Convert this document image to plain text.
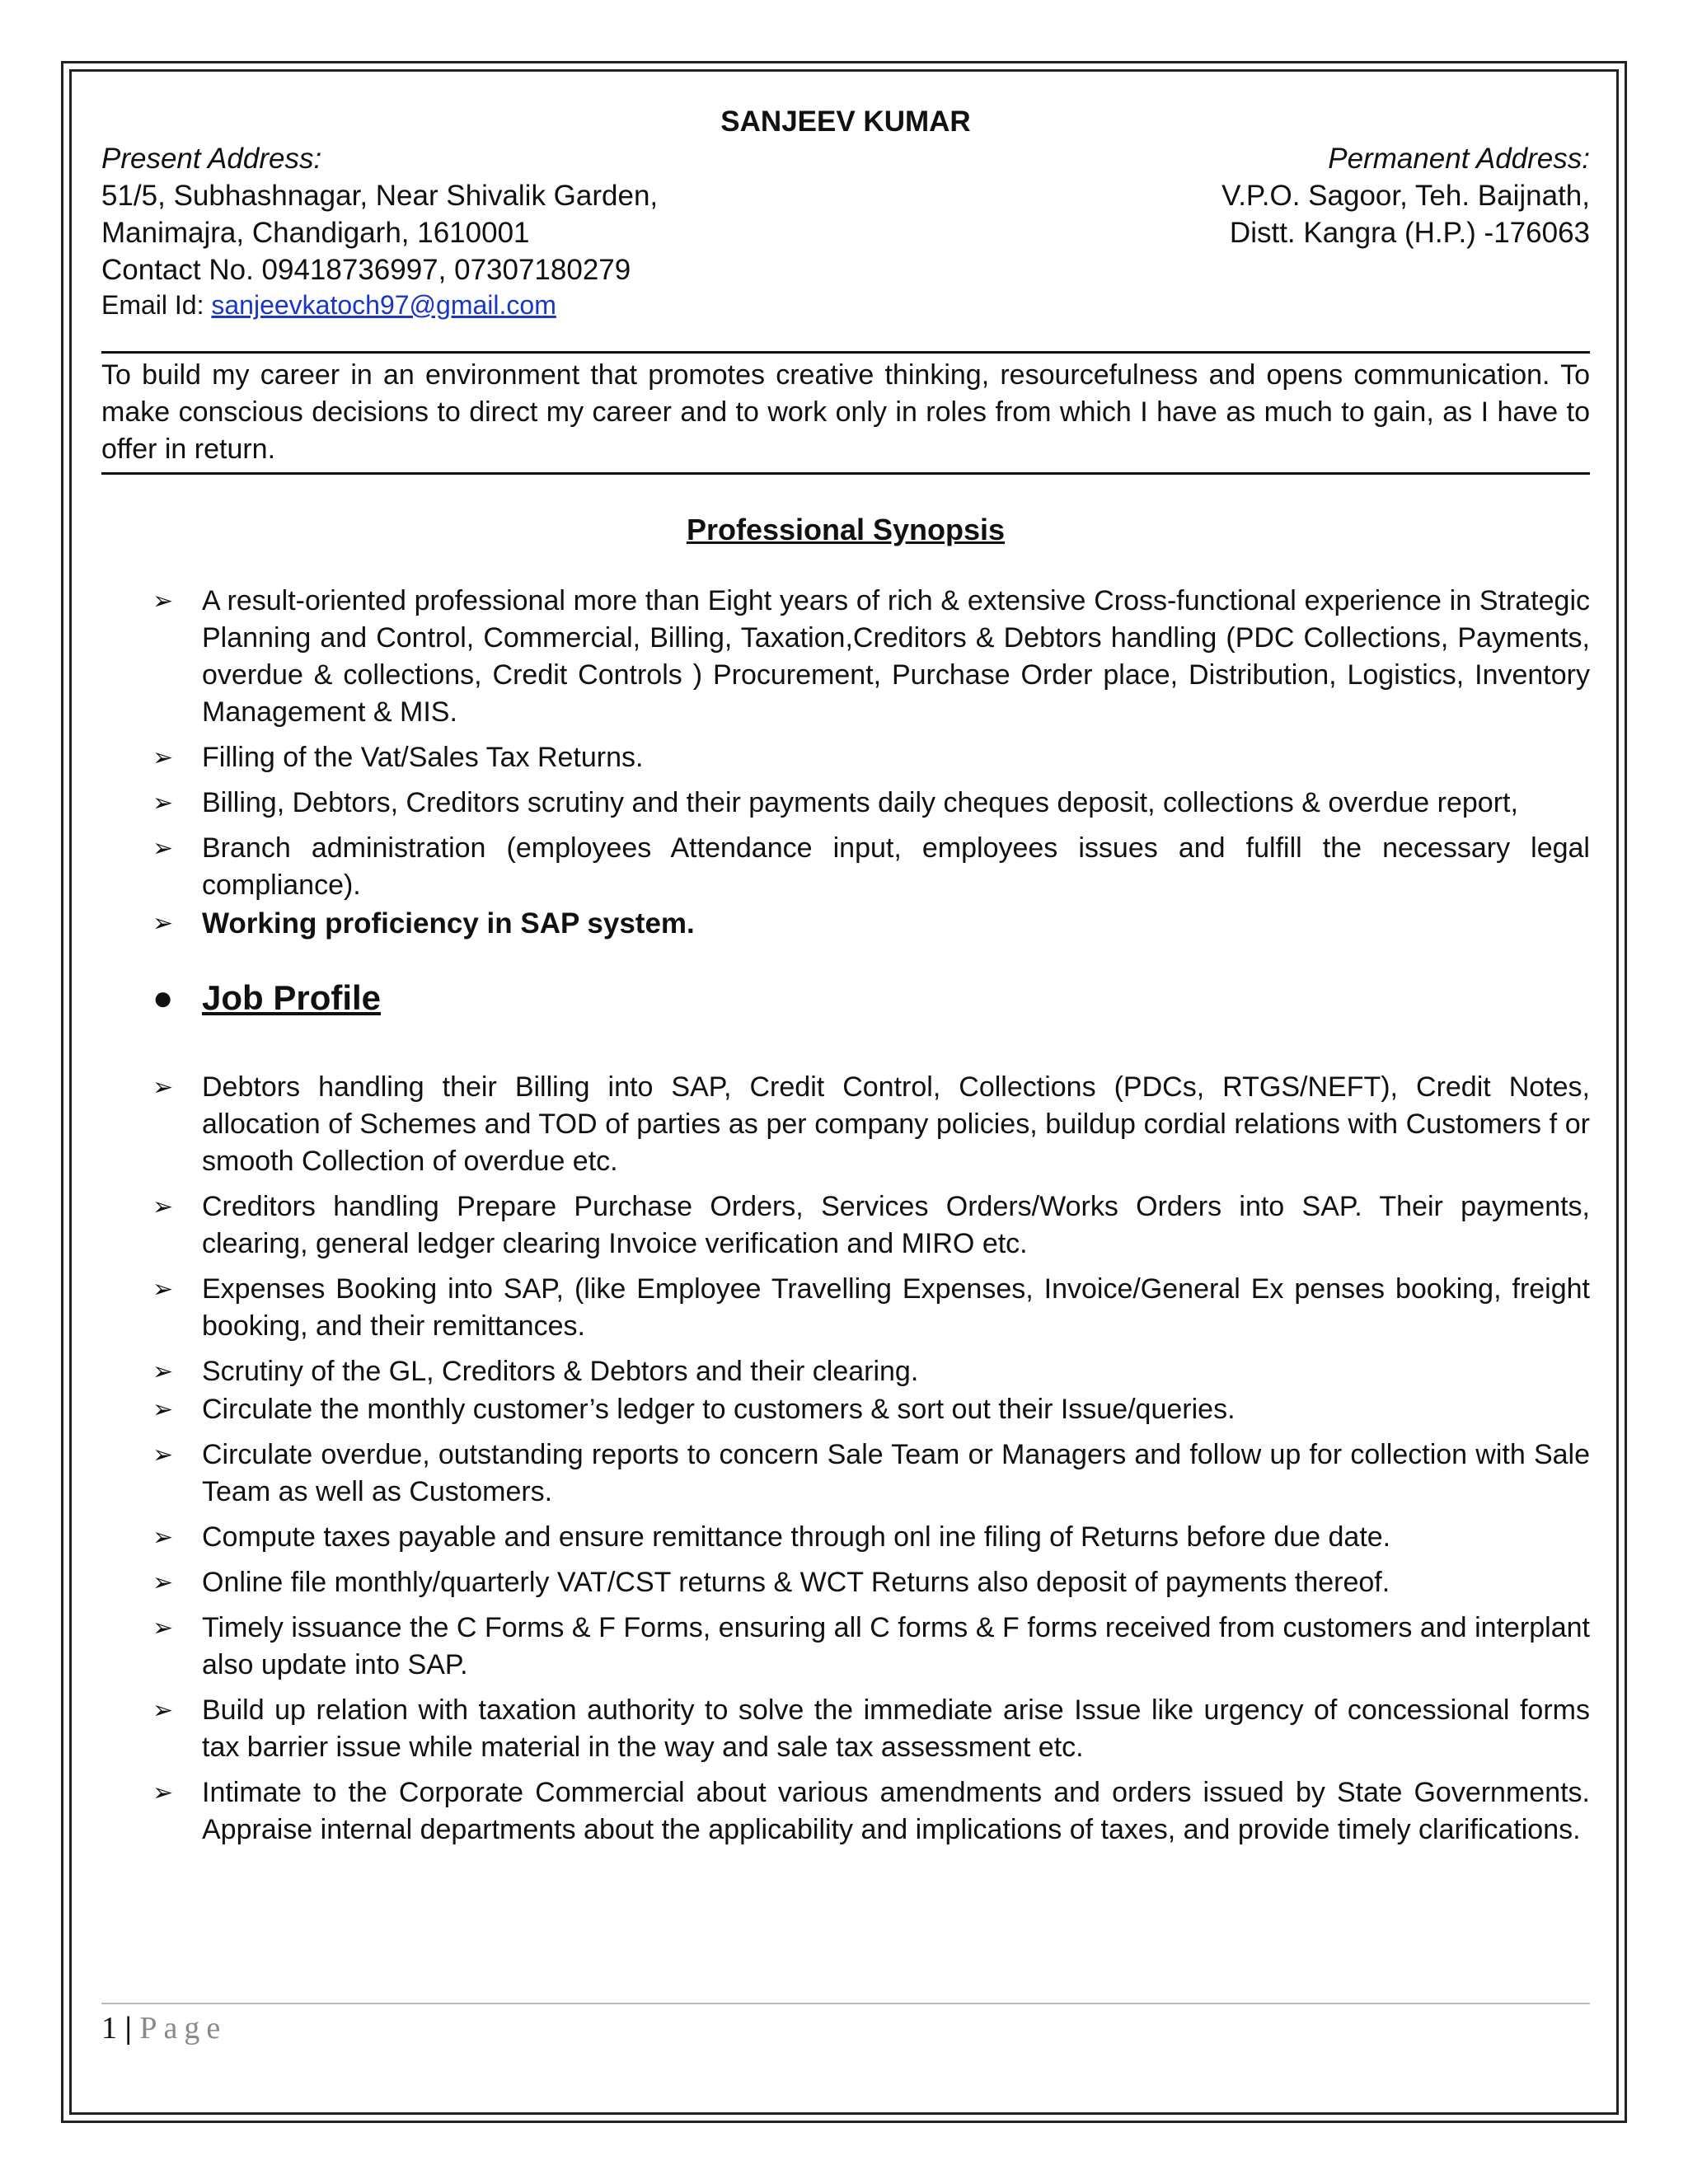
SANJEEV KUMAR

Present Address:
51/5, Subhashnagar, Near Shivalik Garden,
Manimajra, Chandigarh, 1610001
Contact No. 09418736997, 07307180279
Email Id: sanjeevkatoch97@gmail.com
Permanent Address:
V.P.O. Sagoor, Teh. Baijnath,
Distt. Kangra (H.P.) -176063
To build my career in an environment that promotes creative thinking, resourcefulness and opens communication. To make conscious decisions to direct my career and to work only in roles from which I have as much to gain, as I have to offer in return.
Professional Synopsis
➢ A result-oriented professional more than Eight years of rich & extensive Cross-functional experience in Strategic Planning and Control, Commercial, Billing, Taxation,Creditors & Debtors handling (PDC Collections, Payments, overdue & collections, Credit Controls ) Procurement, Purchase Order place, Distribution, Logistics, Inventory Management & MIS.
➢ Filling of the Vat/Sales Tax Returns.
➢ Billing, Debtors, Creditors scrutiny and their payments daily cheques deposit, collections & overdue report,
➢ Branch administration (employees Attendance input, employees issues and fulfill the necessary legal compliance).
➢ Working proficiency in SAP system.
● Job Profile
➢ Debtors handling their Billing into SAP, Credit Control, Collections (PDCs, RTGS/NEFT), Credit Notes, allocation of Schemes and TOD of parties as per company policies, buildup cordial relations with Customers f or smooth Collection of overdue etc.
➢ Creditors handling Prepare Purchase Orders, Services Orders/Works Orders into SAP. Their payments, clearing, general ledger clearing Invoice verification and MIRO etc.
➢ Expenses Booking into SAP, (like Employee Travelling Expenses, Invoice/General Ex penses booking, freight booking, and their remittances.
➢ Scrutiny of the GL, Creditors & Debtors and their clearing.
➢ Circulate the monthly customer’s ledger to customers & sort out their Issue/queries.
➢ Circulate overdue, outstanding reports to concern Sale Team or Managers and follow up for collection with Sale Team as well as Customers.
➢ Compute taxes payable and ensure remittance through onl ine filing of Returns before due date.
➢ Online file monthly/quarterly VAT/CST returns & WCT Returns also deposit of payments thereof.
➢ Timely issuance the C Forms & F Forms, ensuring all C forms & F forms received from customers and interplant also update into SAP.
➢ Build up relation with taxation authority to solve the immediate arise Issue like urgency of concessional forms tax barrier issue while material in the way and sale tax assessment etc.
➢ Intimate to the Corporate Commercial about various amendments and orders issued by State Governments. Appraise internal departments about the applicability and implications of taxes, and provide timely clarifications.
1 | Page
